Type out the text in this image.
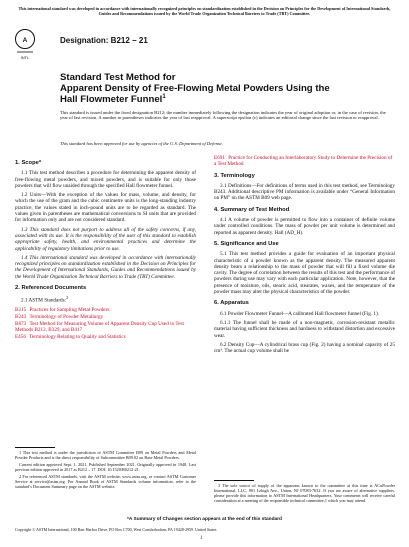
This international standard was developed in accordance with internationally recognized principles on standardization established in the Decision on Principles for the Development of International Standards, Guides and Recommendations issued by the World Trade Organization Technical Barriers to Trade (TBT) Committee.
A
INTL
Designation: B212 − 21
Standard Test Method for
Apparent Density of Free-Flowing Metal Powders Using the
Hall Flowmeter Funnel$^1$
This standard is issued under the fixed designation B212; the number immediately following the designation indicates the year of original adoption or, in the case of revision, the year of last revision. A number in parentheses indicates the year of last reapproval. A superscript epsilon (ε) indicates an editorial change since the last revision or reapproval.
This standard has been approved for use by agencies of the U.S. Department of Defense.
1. Scope*

1.1 This test method describes a procedure for determining the apparent density of free-flowing metal powders, and mixed powders, and is suitable for only those powders that will flow unaided through the specified Hall flowmeter funnel.

1.2 Units—With the exception of the values for mass, volume, and density, for which the use of the gram and the cubic centimetre units is the long-standing industry practice, the values stated in inch-pound units are to be regarded as standard. The values given in parentheses are mathematical conversions to SI units that are provided for information only and are not considered standard.

1.3 This standard does not purport to address all of the safety concerns, if any, associated with its use. It is the responsibility of the user of this standard to establish appropriate safety, health, and environmental practices and determine the applicability of regulatory limitations prior to use.

1.4 This international standard was developed in accordance with internationally recognized principles on standardization established in the Decision on Principles for the Development of International Standards, Guides and Recommendations issued by the World Trade Organization Technical Barriers to Trade (TBT) Committee.

2. Referenced Documents

2.1 ASTM Standards:$^2$

B215 Practices for Sampling Metal Powders
B243 Terminology of Powder Metallurgy
B873 Test Method for Measuring Volume of Apparent Density Cup Used in Test Methods B212, B329, and B417
E456 Terminology Relating to Quality and Statistics

1 This test method is under the jurisdiction of ASTM Committee B09 on Metal Powders and Metal Powder Products and is the direct responsibility of Subcommittee B09.02 on Base Metal Powders.

Current edition approved Sept. 1, 2021. Published September 2021. Originally approved in 1948. Last previous edition approved in 2017 as B212 – 17. DOI: 10.1520/B0212-21.

2 For referenced ASTM standards, visit the ASTM website, www.astm.org, or contact ASTM Customer Service at service@astm.org. For Annual Book of ASTM Standards volume information, refer to the standard’s Document Summary page on the ASTM website.

E691 Practice for Conducting an Interlaboratory Study to Determine the Precision of a Test Method
3. Terminology

3.1 Definitions—For definitions of terms used in this test method, see Terminology B243. Additional descriptive PM information is available under “General Information on PM” on the ASTM B09 web page.

4. Summary of Test Method

4.1 A volume of powder is permitted to flow into a container of definite volume under controlled conditions. The mass of powder per unit volume is determined and reported as apparent density. Hall (AD_H).

5. Significance and Use

5.1 This test method provides a guide for evaluation of an important physical characteristic of a powder known as the apparent density. The measured apparent density bears a relationship to the mass of powder that will fill a fixed volume die cavity. The degree of correlation between the results of this test and the performance of powders during use may vary with each particular application. Note, however, that the presence of moisture, oils, stearic acid, stearates, waxes, and the temperature of the powder mass may alter the physical characteristics of the powder.

6. Apparatus

6.1 Powder Flowmeter Funnel—A calibrated Hall flowmeter funnel (Fig. 1).

6.1.1 The funnel shall be made of a non-magnetic, corrosion-resistant metallic material having sufficient thickness and hardness to withstand distortion and excessive wear.

6.2 Density Cup—A cylindrical brass cup (Fig. 2) having a nominal capacity of 25 cm³. The actual cup volume shall be

3 The sole source of supply of the apparatus known to the committee at this time is ACuPowder International, LLC, 901 Lehigh Ave., Union, NJ 07083-7632. If you are aware of alternative suppliers, please provide this information to ASTM International Headquarters. Your comments will receive careful consideration at a meeting of the responsible technical committee,1 which you may attend.

*A Summary of Changes section appears at the end of this standard
Copyright © ASTM International, 100 Barr Harbor Drive, PO Box C700, West Conshohocken, PA 19428-2959. United States
1
